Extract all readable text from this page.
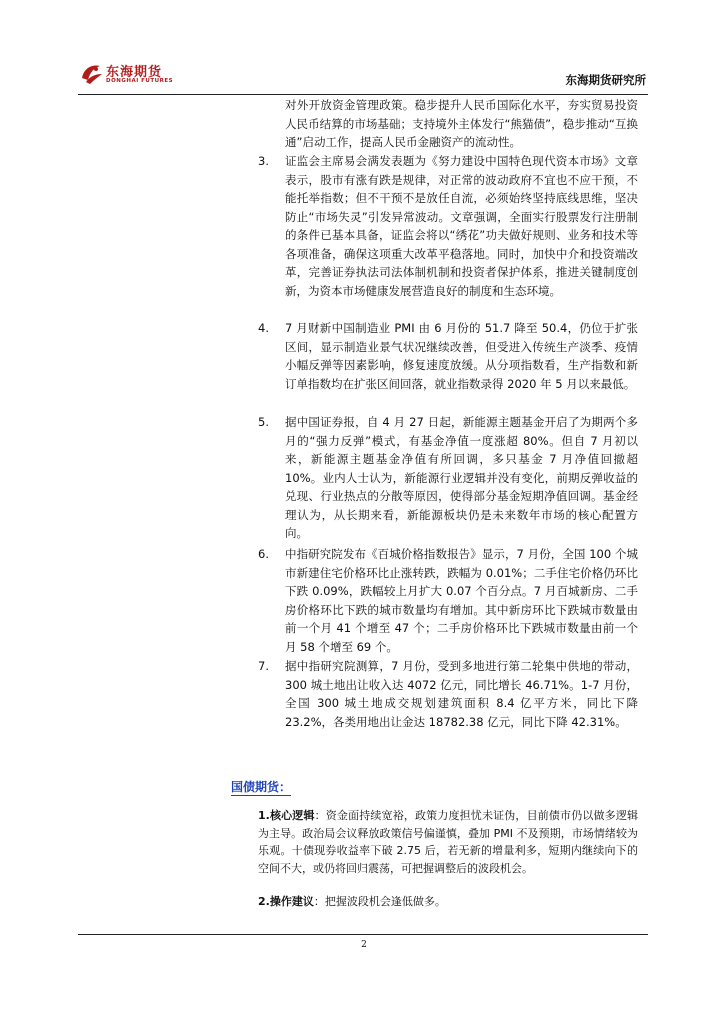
东海期货
DONGHAI FUTURES	东海期货研究所
对外开放资金管理政策。稳步提升人民币国际化水平，夯实贸易投资人民币结算的市场基础；支持境外主体发行“熊猫债”，稳步推动“互换通”启动工作，提高人民币金融资产的流动性。
3. 证监会主席易会满发表题为《努力建设中国特色现代资本市场》文章表示，股市有涨有跌是规律，对正常的波动政府不宜也不应干预，不能托举指数；但不干预不是放任自流，必须始终坚持底线思维，坚决防止“市场失灵”引发异常波动。文章强调，全面实行股票发行注册制的条件已基本具备，证监会将以“绣花”功夫做好规则、业务和技术等各项准备，确保这项重大改革平稳落地。同时，加快中介和投资端改革，完善证券执法司法体制机制和投资者保护体系，推进关键制度创新，为资本市场健康发展营造良好的制度和生态环境。
4. 7 月财新中国制造业 PMI 由 6 月份的 51.7 降至 50.4，仍位于扩张区间，显示制造业景气状况继续改善，但受进入传统生产淡季、疫情小幅反弹等因素影响，修复速度放缓。从分项指数看，生产指数和新订单指数均在扩张区间回落，就业指数录得 2020 年 5 月以来最低。
5. 据中国证券报，自 4 月 27 日起，新能源主题基金开启了为期两个多月的“强力反弹”模式，有基金净值一度涨超 80%。但自 7 月初以来，新能源主题基金净值有所回调，多只基金 7 月净值回撤超 10%。业内人士认为，新能源行业逻辑并没有变化，前期反弹收益的兑现、行业热点的分散等原因，使得部分基金短期净值回调。基金经理认为，从长期来看，新能源板块仍是未来数年市场的核心配置方向。
6. 中指研究院发布《百城价格指数报告》显示，7 月份，全国 100 个城市新建住宅价格环比止涨转跌，跌幅为 0.01%；二手住宅价格仍环比下跌 0.09%，跌幅较上月扩大 0.07 个百分点。7 月百城新房、二手房价格环比下跌的城市数量均有增加。其中新房环比下跌城市数量由前一个月 41 个增至 47 个；二手房价格环比下跌城市数量由前一个月 58 个增至 69 个。
7. 据中指研究院测算，7 月份，受到多地进行第二轮集中供地的带动，300 城土地出让收入达 4072 亿元，同比增长 46.71%。1-7 月份，全国 300 城土地成交规划建筑面积 8.4 亿平方米，同比下降 23.2%，各类用地出让金达 18782.38 亿元，同比下降 42.31%。
国债期货：
1.核心逻辑：资金面持续宽裕，政策力度担忧未证伪，目前债市仍以做多逻辑为主导。政治局会议释放政策信号偏谨慎，叠加 PMI 不及预期，市场情绪较为乐观。十债现券收益率下破 2.75 后，若无新的增量利多，短期内继续向下的空间不大，或仍将回归震荡，可把握调整后的波段机会。
2.操作建议：把握波段机会逢低做多。
2
